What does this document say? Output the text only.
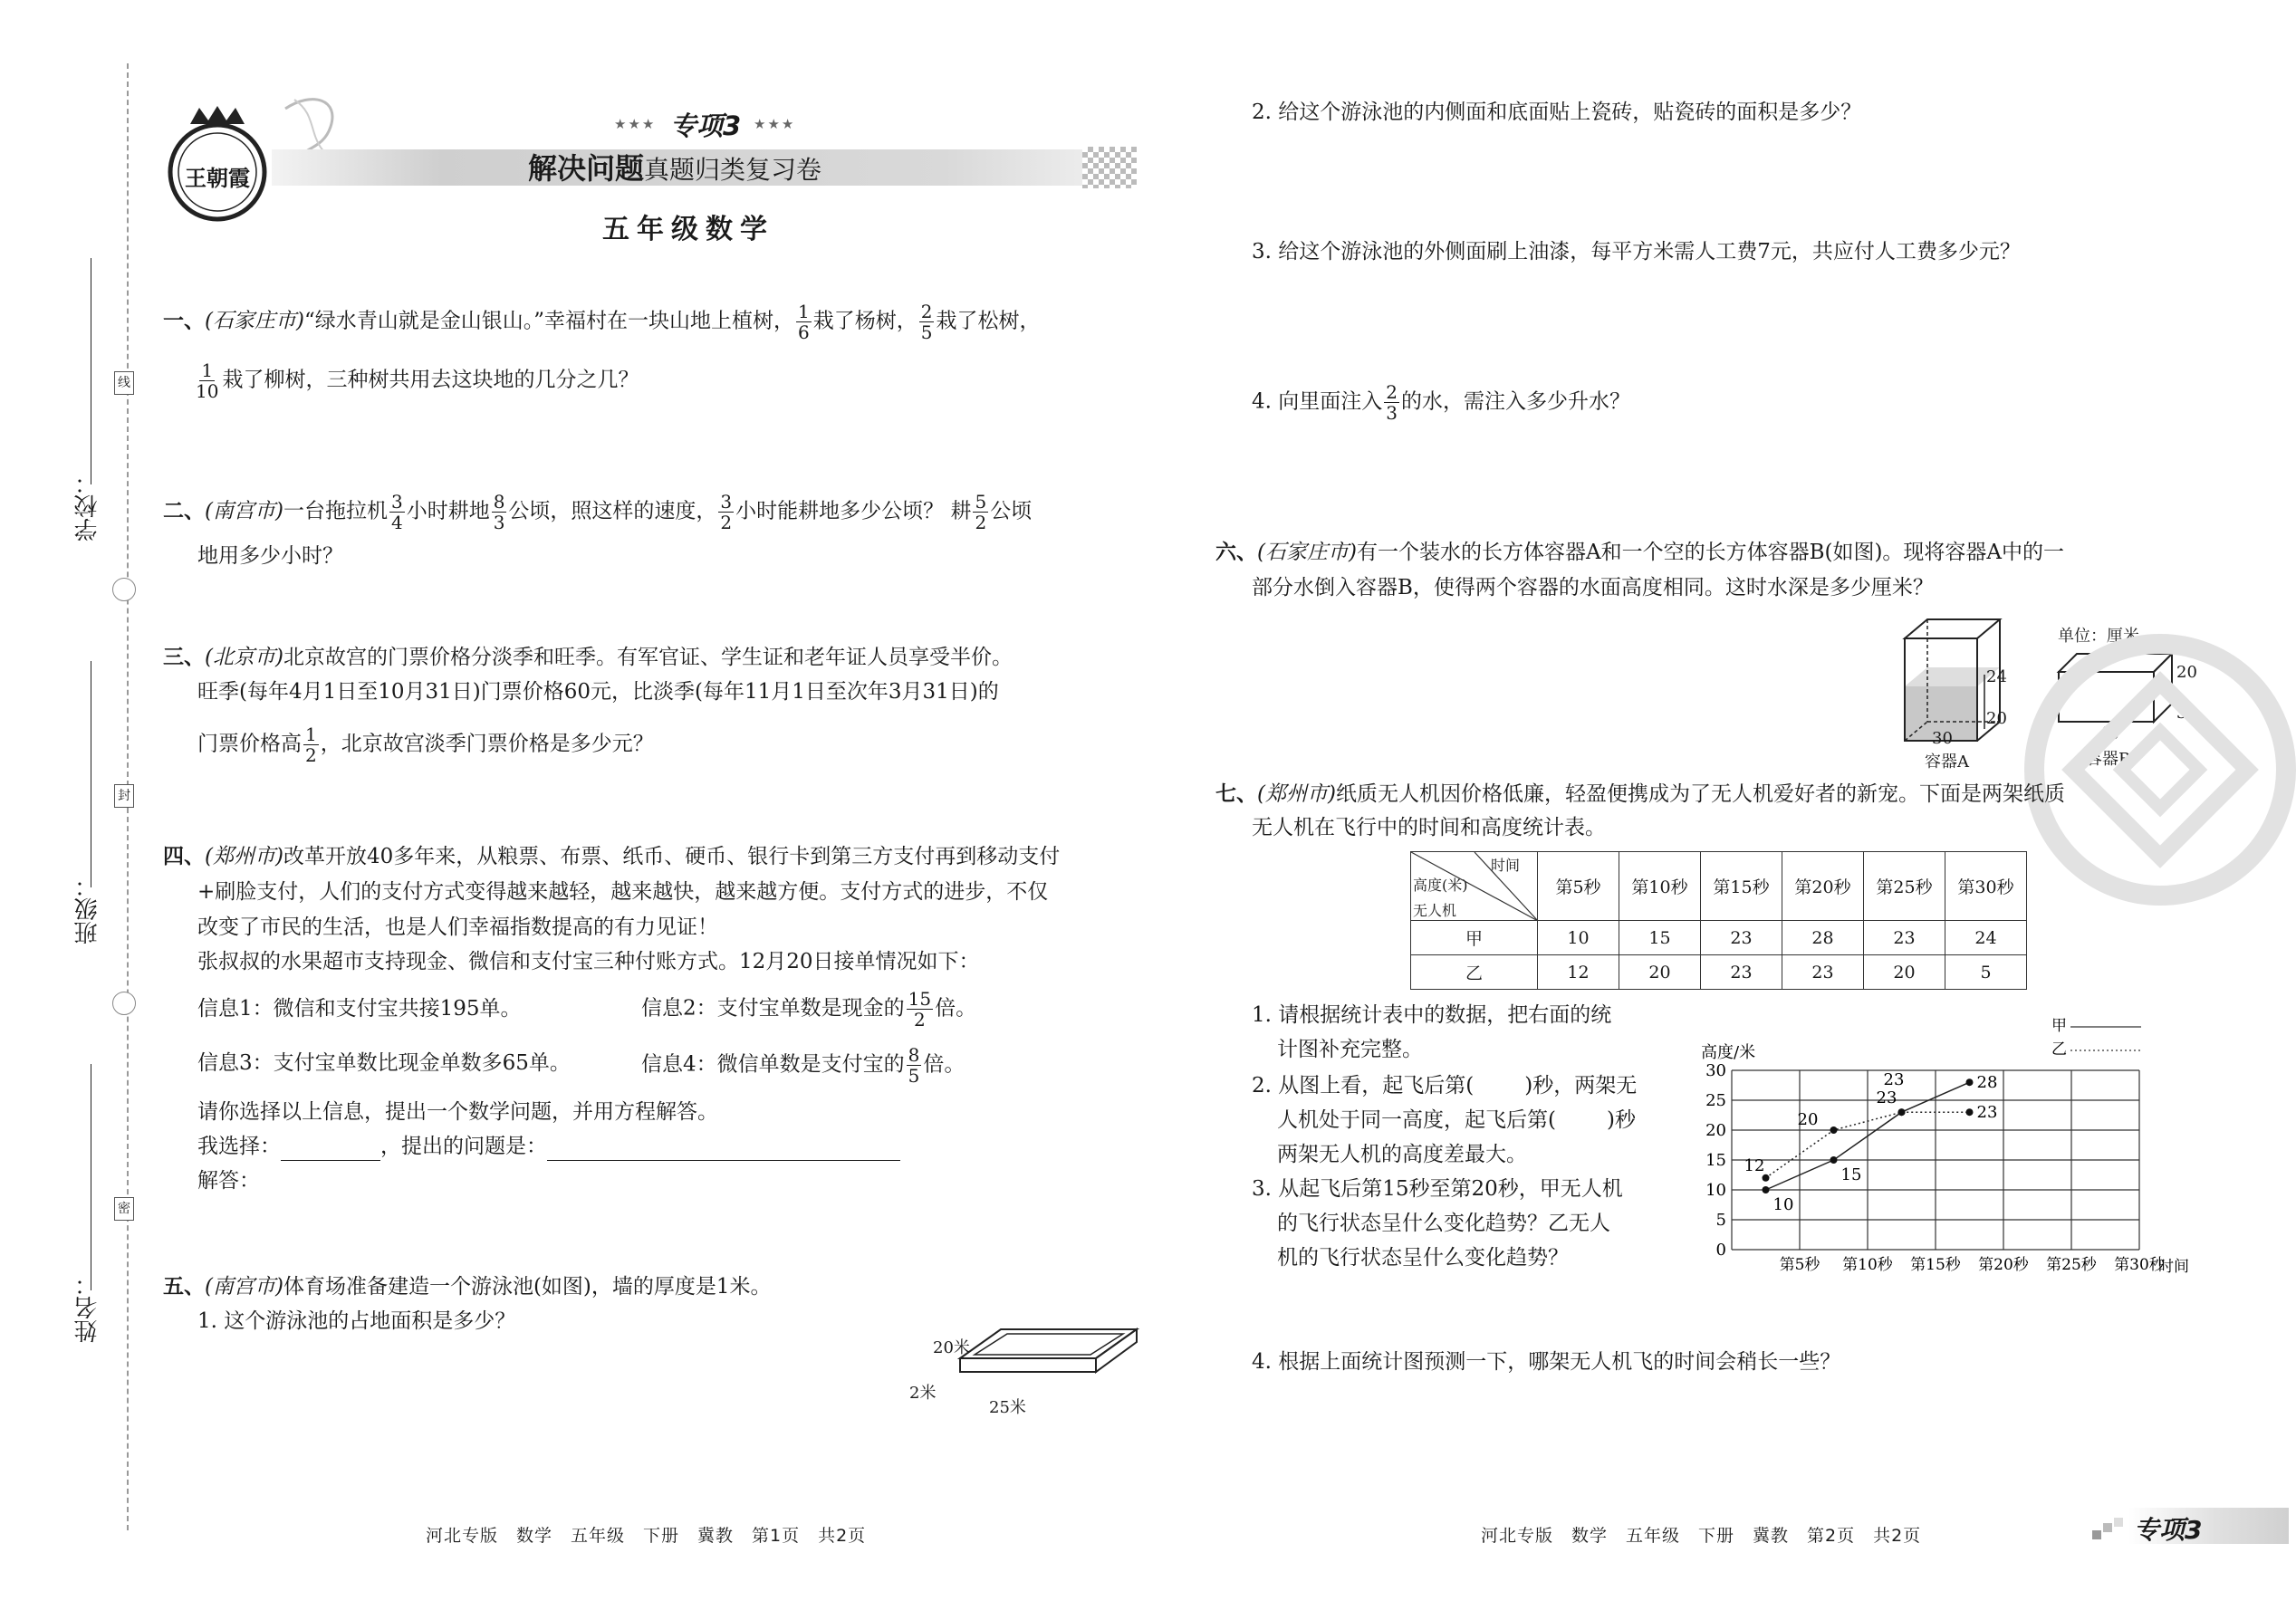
学校：
班级：
姓名：
线
封
密
王朝霞
★★★ 专项3 ★★★
解决问题真题归类复习卷
五年级数学
一、(石家庄市)“绿水青山就是金山银山。”幸福村在一块山地上植树， $\frac{1}{6}$ 栽了杨树， $\frac{2}{5}$ 栽了松树，
$\frac{1}{10}$ 栽了柳树，三种树共用去这块地的几分之几？
二、(南宫市)一台拖拉机 $\frac{3}{4}$ 小时耕地 $\frac{8}{3}$ 公顷，照这样的速度， $\frac{3}{2}$ 小时能耕地多少公顷？ 耕 $\frac{5}{2}$ 公顷
地用多少小时？
三、(北京市)北京故宫的门票价格分淡季和旺季。有军官证、学生证和老年证人员享受半价。
旺季(每年4月1日至10月31日)门票价格60元，比淡季(每年11月1日至次年3月31日)的
门票价格高 $\frac{1}{2}$ ，北京故宫淡季门票价格是多少元？
四、(郑州市)改革开放40多年来，从粮票、布票、纸币、硬币、银行卡到第三方支付再到移动支付
+刷脸支付，人们的支付方式变得越来越轻，越来越快，越来越方便。支付方式的进步，不仅
改变了市民的生活，也是人们幸福指数提高的有力见证！
张叔叔的水果超市支持现金、微信和支付宝三种付账方式。12月20日接单情况如下：
信息1：微信和支付宝共接195单。	信息2：支付宝单数是现金的 $\frac{15}{2}$ 倍。
信息3：支付宝单数比现金单数多65单。	信息4：微信单数是支付宝的 $\frac{8}{5}$ 倍。
请你选择以上信息，提出一个数学问题，并用方程解答。
我选择：	，提出的问题是：
解答：
五、(南宫市)体育场准备建造一个游泳池(如图)，墙的厚度是1米。
1. 这个游泳池的占地面积是多少？
20米
2米
25米
2. 给这个游泳池的内侧面和底面贴上瓷砖，贴瓷砖的面积是多少？
3. 给这个游泳池的外侧面刷上油漆，每平方米需人工费7元，共应付人工费多少元？
4. 向里面注入 $\frac{2}{3}$ 的水，需注入多少升水？
六、(石家庄市)有一个装水的长方体容器A和一个空的长方体容器B(如图)。现将容器A中的一
部分水倒入容器B，使得两个容器的水面高度相同。这时水深是多少厘米？
24
20
30
容器A
单位：厘米
20
30
40
容器B
七、(郑州市)纸质无人机因价格低廉，轻盈便携成为了无人机爱好者的新宠。下面是两架纸质
无人机在飞行中的时间和高度统计表。
时间
高度(米)
无人机	第5秒	第10秒	第15秒	第20秒	第25秒	第30秒
甲	10	15	23	28	23	24
乙	12	20	23	23	20	5
1. 请根据统计表中的数据，把右面的统
计图补充完整。
2. 从图上看，起飞后第( )秒，两架无
人机处于同一高度，起飞后第( )秒
两架无人机的高度差最大。
3. 从起飞后第15秒至第20秒，甲无人机
的飞行状态呈什么变化趋势？乙无人
机的飞行状态呈什么变化趋势？
4. 根据上面统计图预测一下，哪架无人机飞的时间会稍长一些？
0
5
10
15
20
25
30
第5秒 第10秒 第15秒 第20秒 第25秒 第30秒
时间
高度/米
甲
乙
10
15
23	28
12
20
23
23
河北专版　数学　五年级　下册　冀教　第1页　共2页	河北专版　数学　五年级　下册　冀教　第2页　共2页	专项3
